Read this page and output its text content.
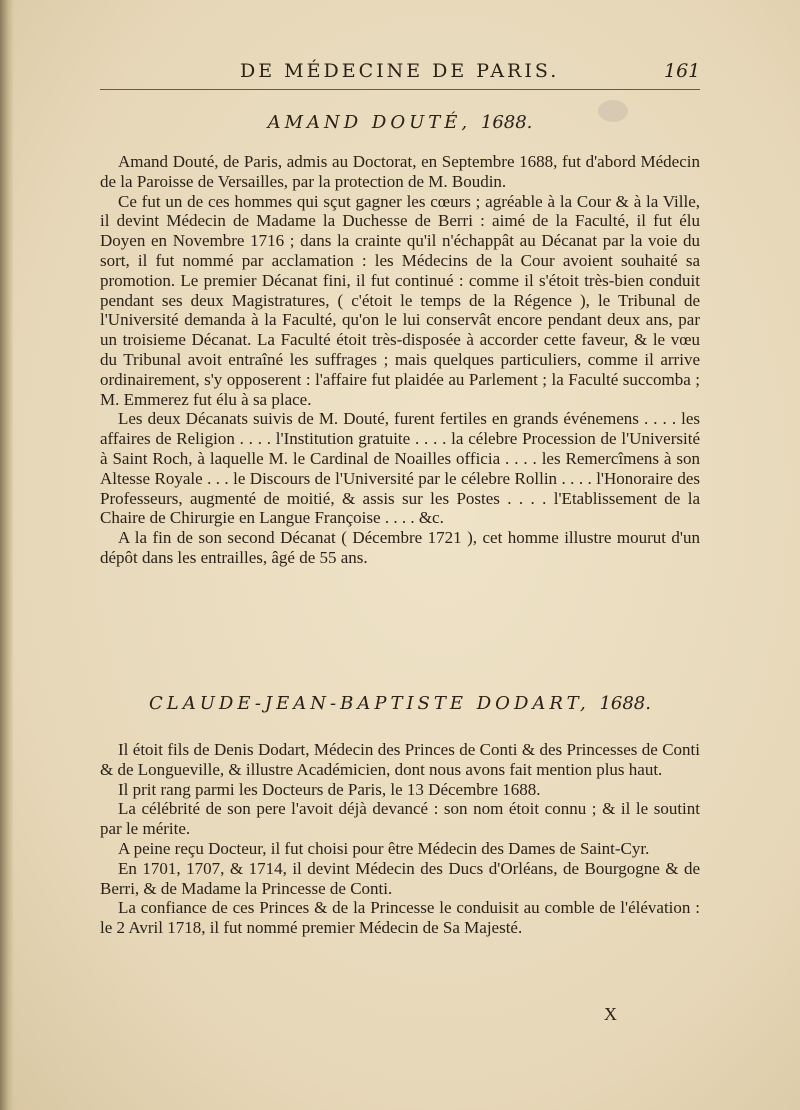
DE MÉDECINE DE PARIS.	161
AMAND DOUTÉ, 1688.

Amand Douté, de Paris, admis au Doctorat, en Septembre 1688, fut d'abord Médecin de la Paroisse de Versailles, par la protection de M. Boudin.

Ce fut un de ces hommes qui sçut gagner les cœurs ; agréable à la Cour & à la Ville, il devint Médecin de Madame la Duchesse de Berri : aimé de la Faculté, il fut élu Doyen en Novembre 1716 ; dans la crainte qu'il n'échappât au Décanat par la voie du sort, il fut nommé par acclamation : les Médecins de la Cour avoient souhaité sa promotion. Le premier Décanat fini, il fut continué : comme il s'étoit très-bien conduit pendant ses deux Magistratures, ( c'étoit le temps de la Régence ), le Tribunal de l'Université demanda à la Faculté, qu'on le lui conservât encore pendant deux ans, par un troisieme Décanat. La Faculté étoit très-disposée à accorder cette faveur, & le vœu du Tribunal avoit entraîné les suffrages ; mais quelques particuliers, comme il arrive ordinairement, s'y opposerent : l'affaire fut plaidée au Parlement ; la Faculté succomba ; M. Emmerez fut élu à sa place.

Les deux Décanats suivis de M. Douté, furent fertiles en grands événemens . . . . les affaires de Religion . . . . l'Institution gratuite . . . . la célebre Procession de l'Université à Saint Roch, à laquelle M. le Cardinal de Noailles officia . . . . les Remercîmens à son Altesse Royale . . . le Discours de l'Université par le célebre Rollin . . . . l'Honoraire des Professeurs, augmenté de moitié, & assis sur les Postes . . . . l'Etablissement de la Chaire de Chirurgie en Langue Françoise . . . . &c.

A la fin de son second Décanat ( Décembre 1721 ), cet homme illustre mourut d'un dépôt dans les entrailles, âgé de 55 ans.

CLAUDE-JEAN-BAPTISTE DODART, 1688.

Il étoit fils de Denis Dodart, Médecin des Princes de Conti & des Princesses de Conti & de Longueville, & illustre Académicien, dont nous avons fait mention plus haut.

Il prit rang parmi les Docteurs de Paris, le 13 Décembre 1688.

La célébrité de son pere l'avoit déjà devancé : son nom étoit connu ; & il le soutint par le mérite.

A peine reçu Docteur, il fut choisi pour être Médecin des Dames de Saint-Cyr.

En 1701, 1707, & 1714, il devint Médecin des Ducs d'Orléans, de Bourgogne & de Berri, & de Madame la Princesse de Conti.

La confiance de ces Princes & de la Princesse le conduisit au comble de l'élévation : le 2 Avril 1718, il fut nommé premier Médecin de Sa Majesté.

X
